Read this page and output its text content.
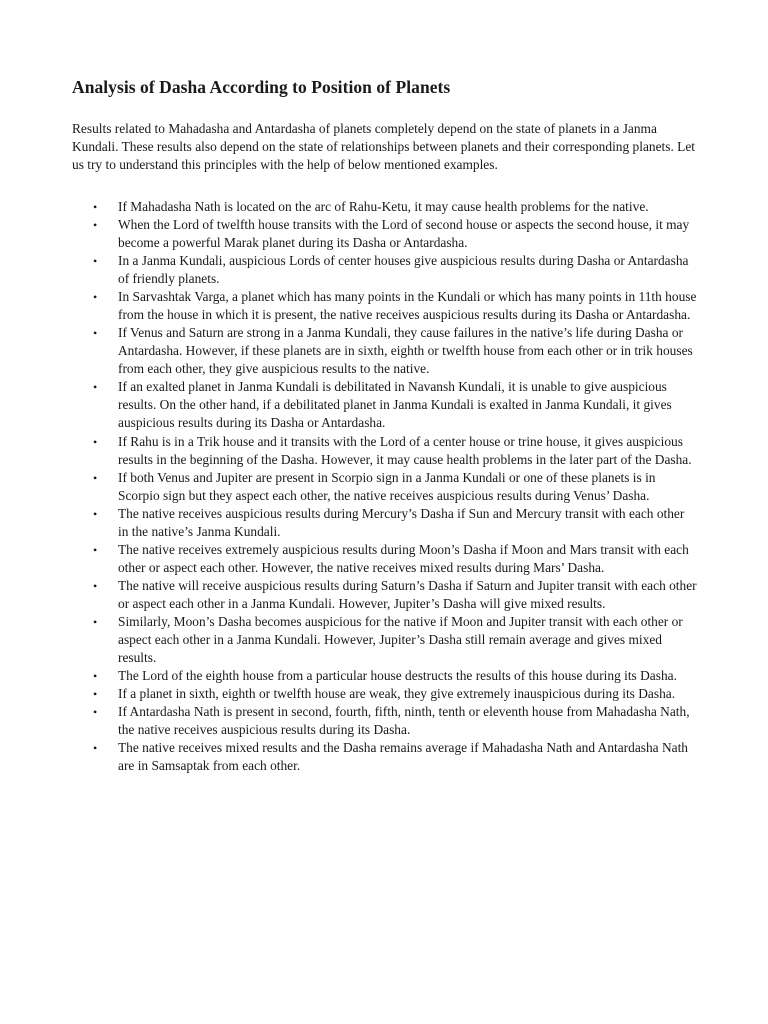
Analysis of Dasha According to Position of Planets

Results related to Mahadasha and Antardasha of planets completely depend on the state of planets in a Janma Kundali. These results also depend on the state of relationships between planets and their corresponding planets. Let us try to understand this principles with the help of below mentioned examples.

• If Mahadasha Nath is located on the arc of Rahu-Ketu, it may cause health problems for the native.
• When the Lord of twelfth house transits with the Lord of second house or aspects the second house, it may become a powerful Marak planet during its Dasha or Antardasha.
• In a Janma Kundali, auspicious Lords of center houses give auspicious results during Dasha or Antardasha of friendly planets.
• In Sarvashtak Varga, a planet which has many points in the Kundali or which has many points in 11th house from the house in which it is present, the native receives auspicious results during its Dasha or Antardasha.
• If Venus and Saturn are strong in a Janma Kundali, they cause failures in the native’s life during Dasha or Antardasha. However, if these planets are in sixth, eighth or twelfth house from each other or in trik houses from each other, they give auspicious results to the native.
• If an exalted planet in Janma Kundali is debilitated in Navansh Kundali, it is unable to give auspicious results. On the other hand, if a debilitated planet in Janma Kundali is exalted in Janma Kundali, it gives auspicious results during its Dasha or Antardasha.
• If Rahu is in a Trik house and it transits with the Lord of a center house or trine house, it gives auspicious results in the beginning of the Dasha. However, it may cause health problems in the later part of the Dasha.
• If both Venus and Jupiter are present in Scorpio sign in a Janma Kundali or one of these planets is in Scorpio sign but they aspect each other, the native receives auspicious results during Venus’ Dasha.
• The native receives auspicious results during Mercury’s Dasha if Sun and Mercury transit with each other in the native’s Janma Kundali.
• The native receives extremely auspicious results during Moon’s Dasha if Moon and Mars transit with each other or aspect each other. However, the native receives mixed results during Mars’ Dasha.
• The native will receive auspicious results during Saturn’s Dasha if Saturn and Jupiter transit with each other or aspect each other in a Janma Kundali. However, Jupiter’s Dasha will give mixed results.
• Similarly, Moon’s Dasha becomes auspicious for the native if Moon and Jupiter transit with each other or aspect each other in a Janma Kundali. However, Jupiter’s Dasha still remain average and gives mixed results.
• The Lord of the eighth house from a particular house destructs the results of this house during its Dasha.
• If a planet in sixth, eighth or twelfth house are weak, they give extremely inauspicious during its Dasha.
• If Antardasha Nath is present in second, fourth, fifth, ninth, tenth or eleventh house from Mahadasha Nath, the native receives auspicious results during its Dasha.
• The native receives mixed results and the Dasha remains average if Mahadasha Nath and Antardasha Nath are in Samsaptak from each other.
